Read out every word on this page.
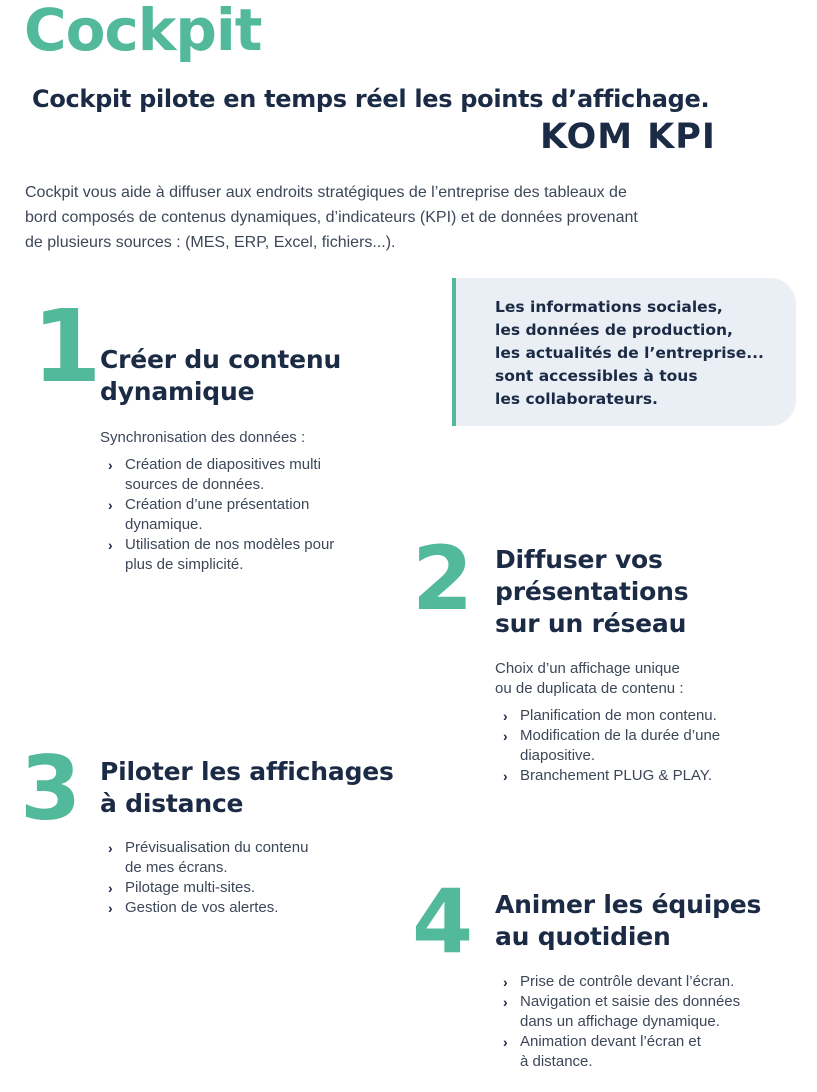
Cockpit
Cockpit pilote en temps réel les points d’affichage.
KOM KPI
Cockpit vous aide à diffuser aux endroits stratégiques de l’entreprise des tableaux de
bord composés de contenus dynamiques, d’indicateurs (KPI) et de données provenant
de plusieurs sources : (MES, ERP, Excel, fichiers...).
Les informations sociales,
les données de production,
les actualités de l’entreprise...
sont accessibles à tous
les collaborateurs.
1
Créer du contenu
dynamique
Synchronisation des données :
› Création de diapositives multi
sources de données.
› Création d’une présentation
dynamique.
› Utilisation de nos modèles pour
plus de simplicité.	2 Diffuser vos
présentations
sur un réseau
Choix d’un affichage unique
ou de duplicata de contenu :
› Planification de mon contenu.
› Modification de la durée d’une
diapositive.
› Branchement PLUG & PLAY.
3 Piloter les affichages
à distance
› Prévisualisation du contenu
de mes écrans.
› Pilotage multi-sites.
› Gestion de vos alertes.	4 Animer les équipes
au quotidien
› Prise de contrôle devant l’écran.
› Navigation et saisie des données
dans un affichage dynamique.
› Animation devant l’écran et
à distance.
